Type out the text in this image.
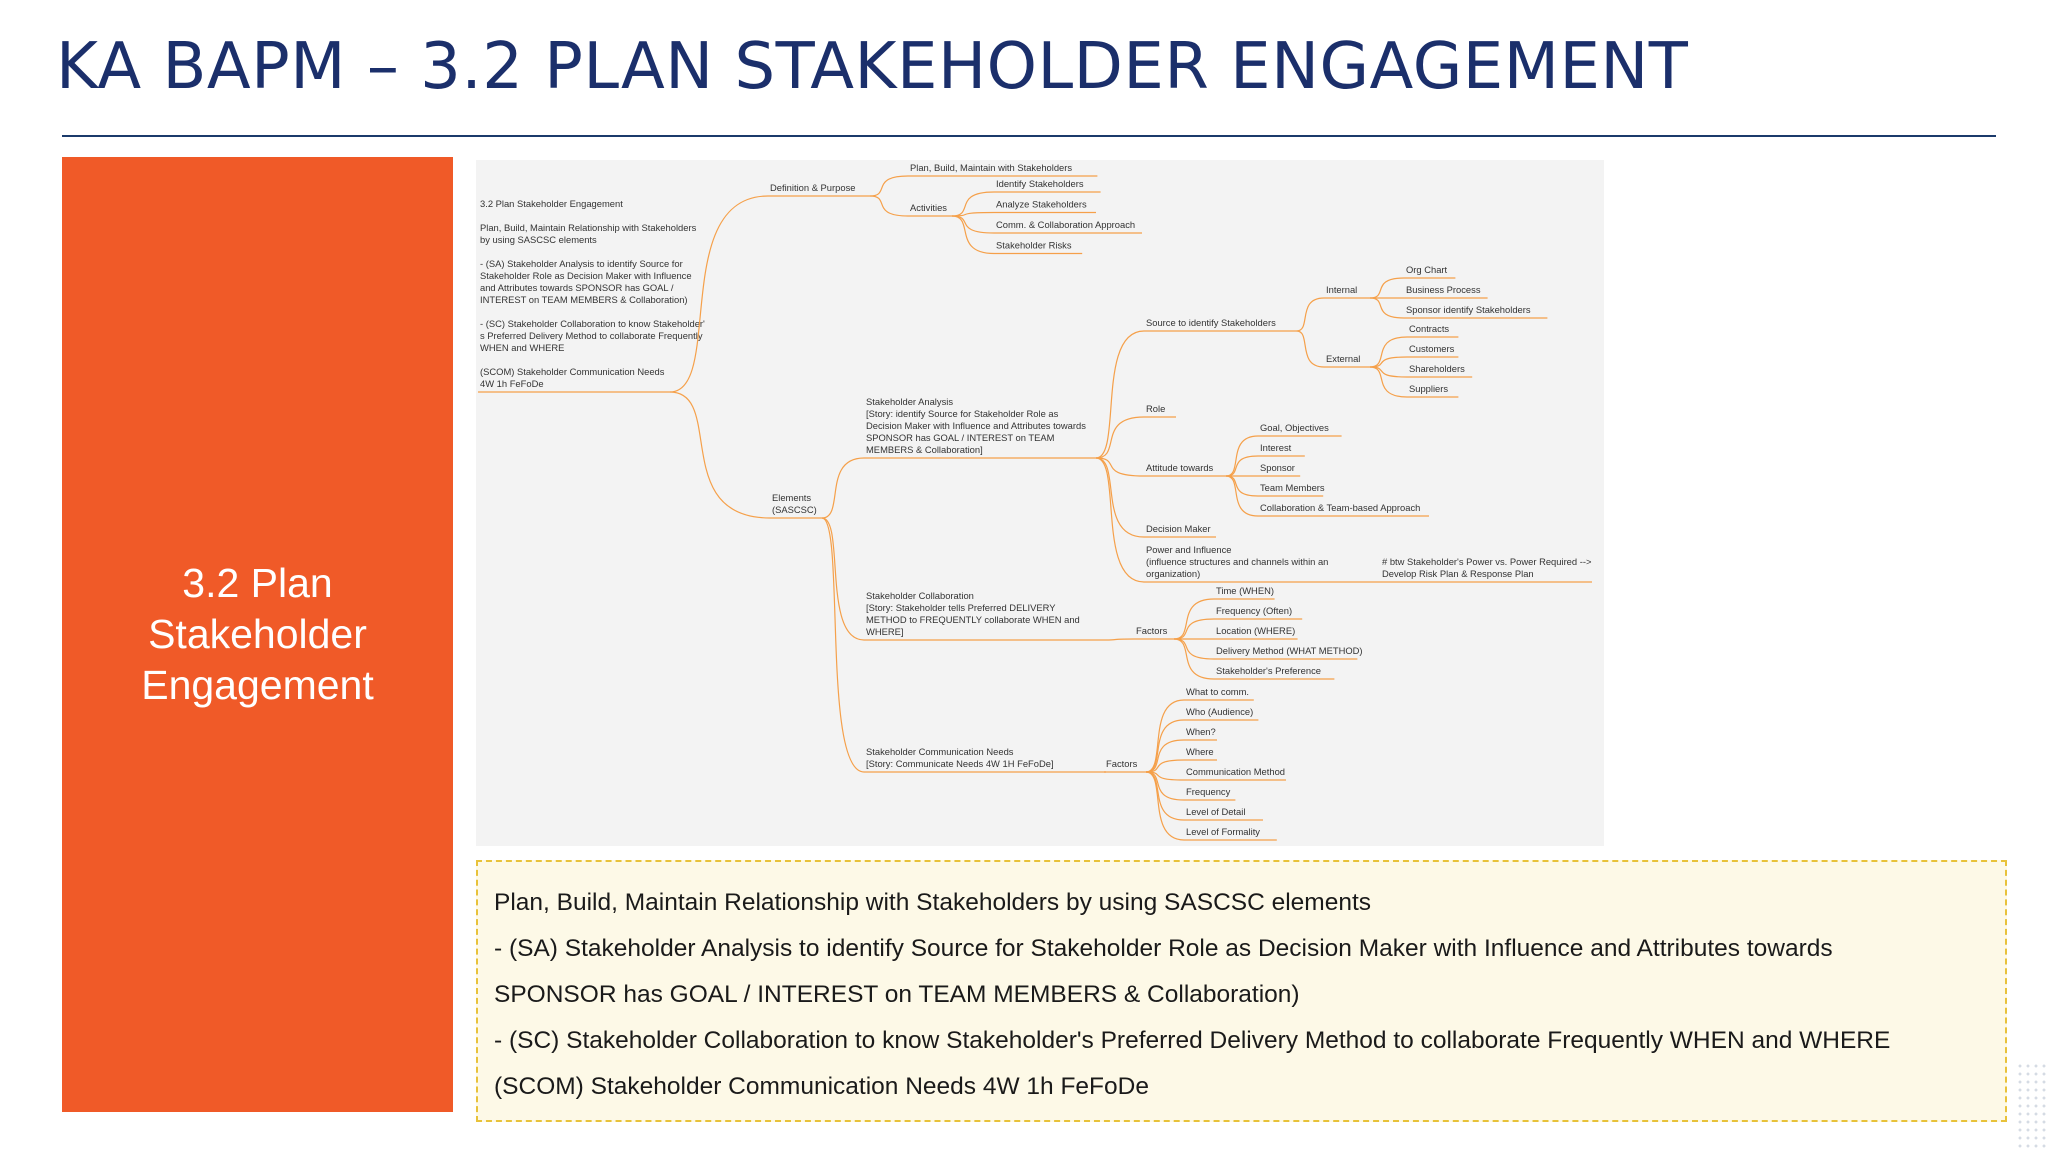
KA BAPM – 3.2 PLAN STAKEHOLDER ENGAGEMENT
3.2 Plan
Stakeholder
Engagement
3.2 Plan Stakeholder Engagement
Plan, Build, Maintain Relationship with Stakeholders
by using SASCSC elements
- (SA) Stakeholder Analysis to identify Source for
Stakeholder Role as Decision Maker with Influence
and Attributes towards SPONSOR has GOAL /
INTEREST on TEAM MEMBERS & Collaboration)
- (SC) Stakeholder Collaboration to know Stakeholder'
s Preferred Delivery Method to collaborate Frequently
WHEN and WHERE
(SCOM) Stakeholder Communication Needs
4W 1h FeFoDe
Definition & Purpose
Plan, Build, Maintain with Stakeholders
Activities
Identify Stakeholders
Analyze Stakeholders
Comm. & Collaboration Approach
Stakeholder Risks
Elements
(SASCSC)
Stakeholder Analysis
[Story: identify Source for Stakeholder Role as
Decision Maker with Influence and Attributes towards
SPONSOR has GOAL / INTEREST on TEAM
MEMBERS & Collaboration]
Source to identify Stakeholders
Internal
Org Chart
Business Process
Sponsor identify Stakeholders
External
Contracts
Customers
Shareholders
Suppliers
Role
Attitude towards
Goal, Objectives
Interest
Sponsor
Team Members
Collaboration & Team-based Approach
Decision Maker
Power and Influence
(influence structures and channels within an
organization)
# btw Stakeholder's Power vs. Power Required -->
Develop Risk Plan & Response Plan
Stakeholder Collaboration
[Story: Stakeholder tells Preferred DELIVERY
METHOD to FREQUENTLY collaborate WHEN and
WHERE]	Factors
Time (WHEN)
Frequency (Often)
Location (WHERE)
Delivery Method (WHAT METHOD)
Stakeholder's Preference
Stakeholder Communication Needs
[Story: Communicate Needs 4W 1H FeFoDe]	Factors
What to comm.
Who (Audience)
When?
Where
Communication Method
Frequency
Level of Detail
Level of Formality
Plan, Build, Maintain Relationship with Stakeholders by using SASCSC elements
- (SA) Stakeholder Analysis to identify Source for Stakeholder Role as Decision Maker with Influence and Attributes towards
SPONSOR has GOAL / INTEREST on TEAM MEMBERS & Collaboration)
- (SC) Stakeholder Collaboration to know Stakeholder's Preferred Delivery Method to collaborate Frequently WHEN and WHERE
(SCOM) Stakeholder Communication Needs 4W 1h FeFoDe
